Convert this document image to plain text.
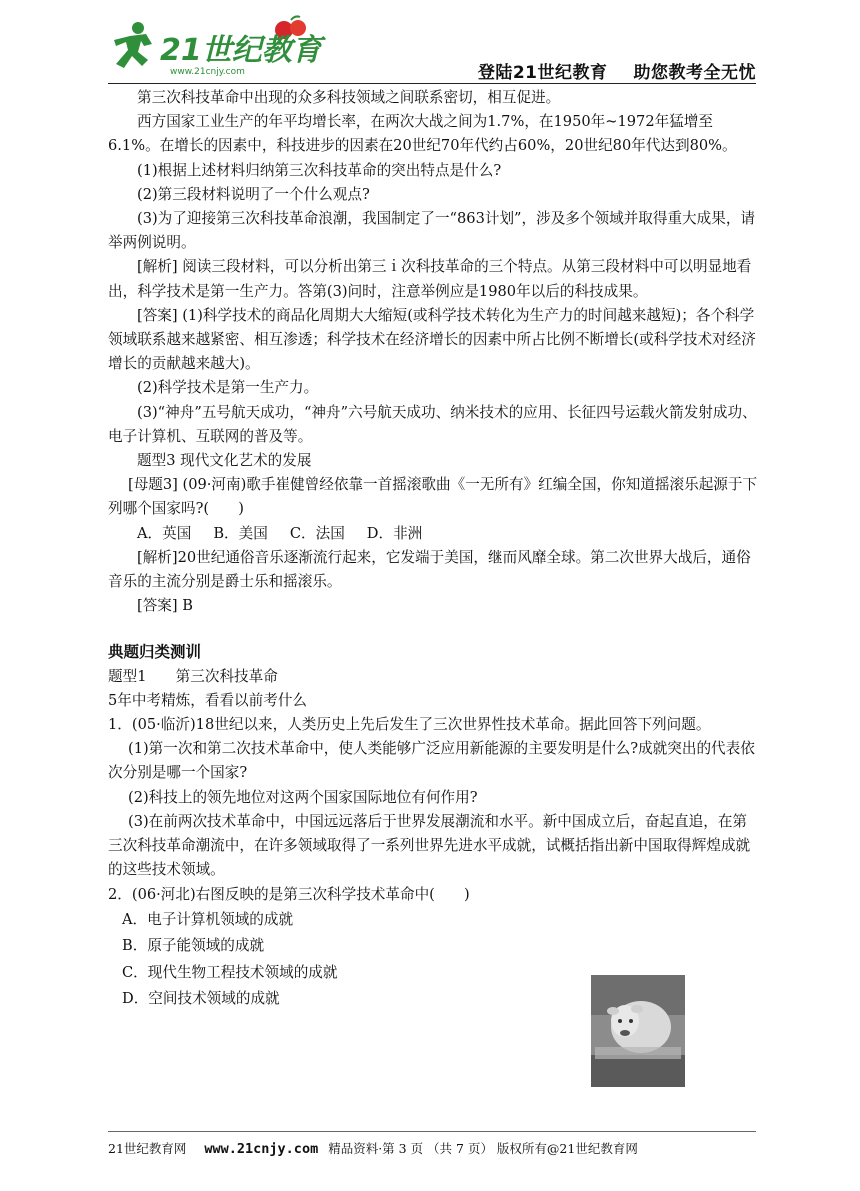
21世纪教育
www.21cnjy.com	登陆21世纪教育 助您教考全无忧

第三次科技革命中出现的众多科技领域之间联系密切，相互促进。

西方国家工业生产的年平均增长率，在两次大战之间为1.7%，在1950年~1972年猛增至6.1%。在增长的因素中，科技进步的因素在20世纪70年代约占60%，20世纪80年代达到80%。

(1)根据上述材料归纳第三次科技革命的突出特点是什么?

(2)第三段材料说明了一个什么观点?

(3)为了迎接第三次科技革命浪潮，我国制定了一“863计划”，涉及多个领域并取得重大成果，请举两例说明。

[解析] 阅读三段材料，可以分析出第三ｉ次科技革命的三个特点。从第三段材料中可以明显地看出，科学技术是第一生产力。答第(3)问时，注意举例应是1980年以后的科技成果。

[答案] (1)科学技术的商品化周期大大缩短(或科学技术转化为生产力的时间越来越短)；各个科学领域联系越来越紧密、相互渗透；科学技术在经济增长的因素中所占比例不断增长(或科学技术对经济增长的贡献越来越大)。

(2)科学技术是第一生产力。

(3)“神舟”五号航天成功，“神舟”六号航天成功、纳米技术的应用、长征四号运载火箭发射成功、电子计算机、互联网的普及等。

题型3 现代文化艺术的发展

[母题3] (09·河南)歌手崔健曾经依靠一首摇滚歌曲《一无所有》红编全国，你知道摇滚乐起源于下列哪个国家吗?(　　)

A．英国 B．美国 C．法国 D．非洲

[解析]20世纪通俗音乐逐渐流行起来，它发端于美国，继而风靡全球。第二次世界大战后，通俗音乐的主流分别是爵士乐和摇滚乐。

[答案] B

典题归类测训

题型1　　第三次科技革命

5年中考精炼，看看以前考什么

1．(05·临沂)18世纪以来，人类历史上先后发生了三次世界性技术革命。据此回答下列问题。

(1)第一次和第二次技术革命中，使人类能够广泛应用新能源的主要发明是什么?成就突出的代表依次分别是哪一个国家?

(2)科技上的领先地位对这两个国家国际地位有何作用?

(3)在前两次技术革命中，中国远远落后于世界发展潮流和水平。新中国成立后，奋起直追，在第三次科技革命潮流中，在许多领域取得了一系列世界先进水平成就，试概括指出新中国取得辉煌成就的这些技术领域。

2．(06·河北)右图反映的是第三次科学技术革命中(　　)

A．电子计算机领域的成就

B．原子能领域的成就

C．现代生物工程技术领域的成就

D．空间技术领域的成就

21世纪教育网 www.21cnjy.com 精品资料·第 3 页 （共 7 页） 版权所有@21世纪教育网
